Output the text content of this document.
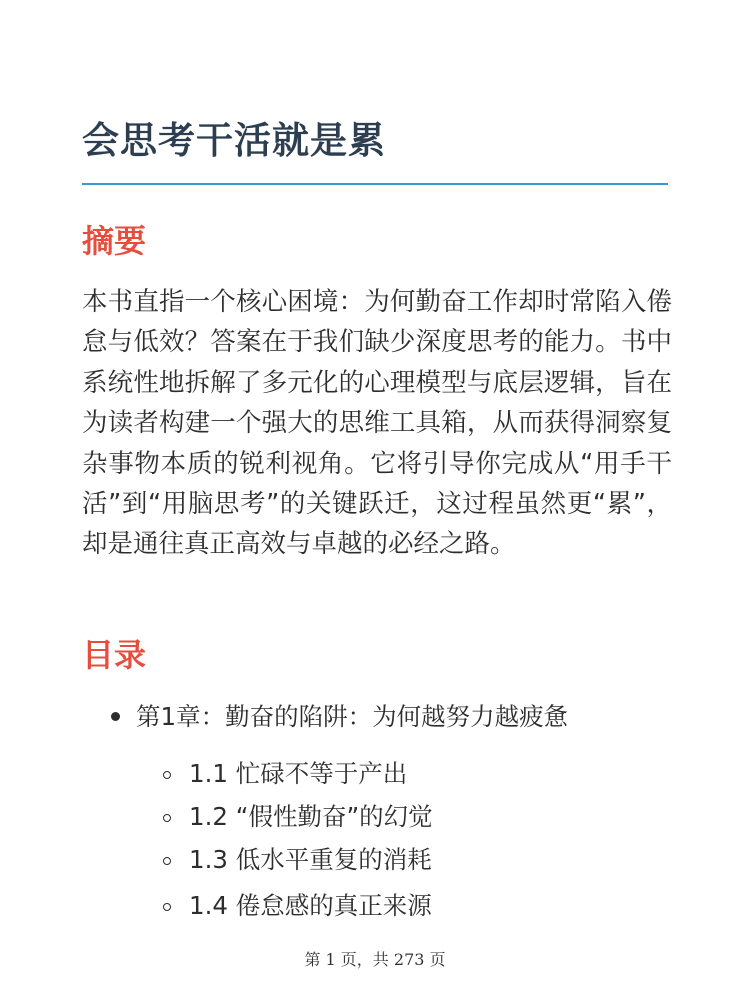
会思考干活就是累
摘要

本书直指一个核心困境：为何勤奋工作却时常陷入倦怠与低效？答案在于我们缺少深度思考的能力。书中系统性地拆解了多元化的心理模型与底层逻辑，旨在为读者构建一个强大的思维工具箱，从而获得洞察复杂事物本质的锐利视角。它将引导你完成从“用手干活”到“用脑思考”的关键跃迁，这过程虽然更“累”，却是通往真正高效与卓越的必经之路。

目录
第1章：勤奋的陷阱：为何越努力越疲惫
1.1 忙碌不等于产出
1.2 “假性勤奋”的幻觉
1.3 低水平重复的消耗
1.4 倦怠感的真正来源
第 1 页，共 273 页
